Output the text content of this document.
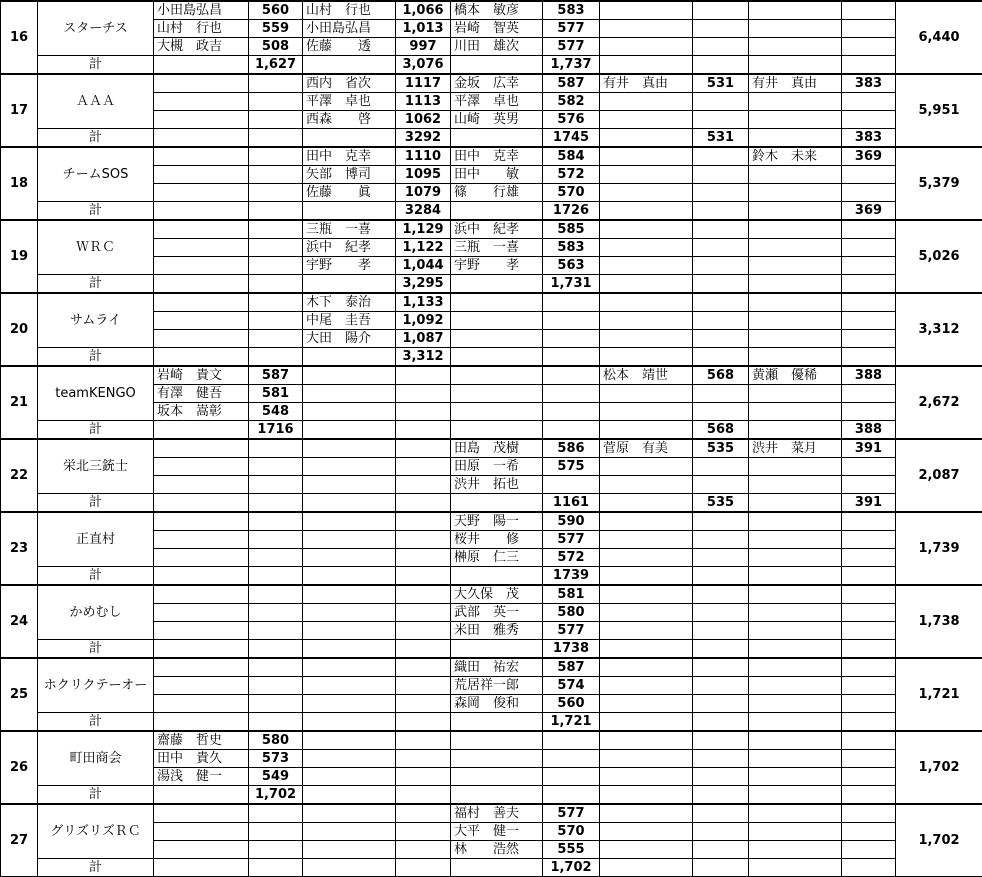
16	スターチス	小田島弘昌	560	山村　行也	1,066	橋本　敏彦	583					6,440
		山村　行也	559	小田島弘昌	1,013	岩崎　智英	577					
		大槻　政吉	508	佐藤　　透	997	川田　雄次	577					
	計		1,627		3,076		1,737					
17	ＡＡＡ			西内　省次	1117	金坂　広幸	587	有井　真由	531	有井　真由	383	5,951
				平澤　卓也	1113	平澤　卓也	582					
				西森　　啓	1062	山崎　英男	576					
	計				3292		1745		531		383	
18	チームSOS			田中　克幸	1110	田中　克幸	584			鈴木　未来	369	5,379
				矢部　博司	1095	田中　　敏	572					
				佐藤　　眞	1079	篠　　行雄	570					
	計				3284		1726				369	
19	ＷＲＣ			三瓶　一喜	1,129	浜中　紀孝	585					5,026
				浜中　紀孝	1,122	三瓶　一喜	583					
				宇野　　孝	1,044	宇野　　孝	563					
	計				3,295		1,731					
20	サムライ			木下　泰治	1,133							3,312
				中尾　圭吾	1,092							
				大田　陽介	1,087							
	計				3,312							
21	teamKENGO	岩崎　貴文	587					松本　靖世	568	黄瀬　優稀	388	2,672
		有澤　健吾	581									
		坂本　嵩彰	548									
	計		1716						568		388	
22	栄北三銃士					田島　茂樹	586	菅原　有美	535	渋井　菜月	391	2,087
						田原　一希	575					
						渋井　拓也						
	計						1161		535		391	
23	正直村					天野　陽一	590					1,739
						桜井　　修	577					
						榊原　仁三	572					
	計						1739					
24	かめむし					大久保　茂	581					1,738
						武部　英一	580					
						米田　雅秀	577					
	計						1738					
25	ホクリクテーオー					織田　祐宏	587					1,721
						荒居祥一郎	574					
						森岡　俊和	560					
	計						1,721					
26	町田商会	齋藤　哲史	580									1,702
		田中　貴久	573									
		湯浅　健一	549									
	計		1,702									
27	グリズリズＲＣ					福村　善夫	577					1,702
						大平　健一	570					
						林　　浩然	555					
	計						1,702					
